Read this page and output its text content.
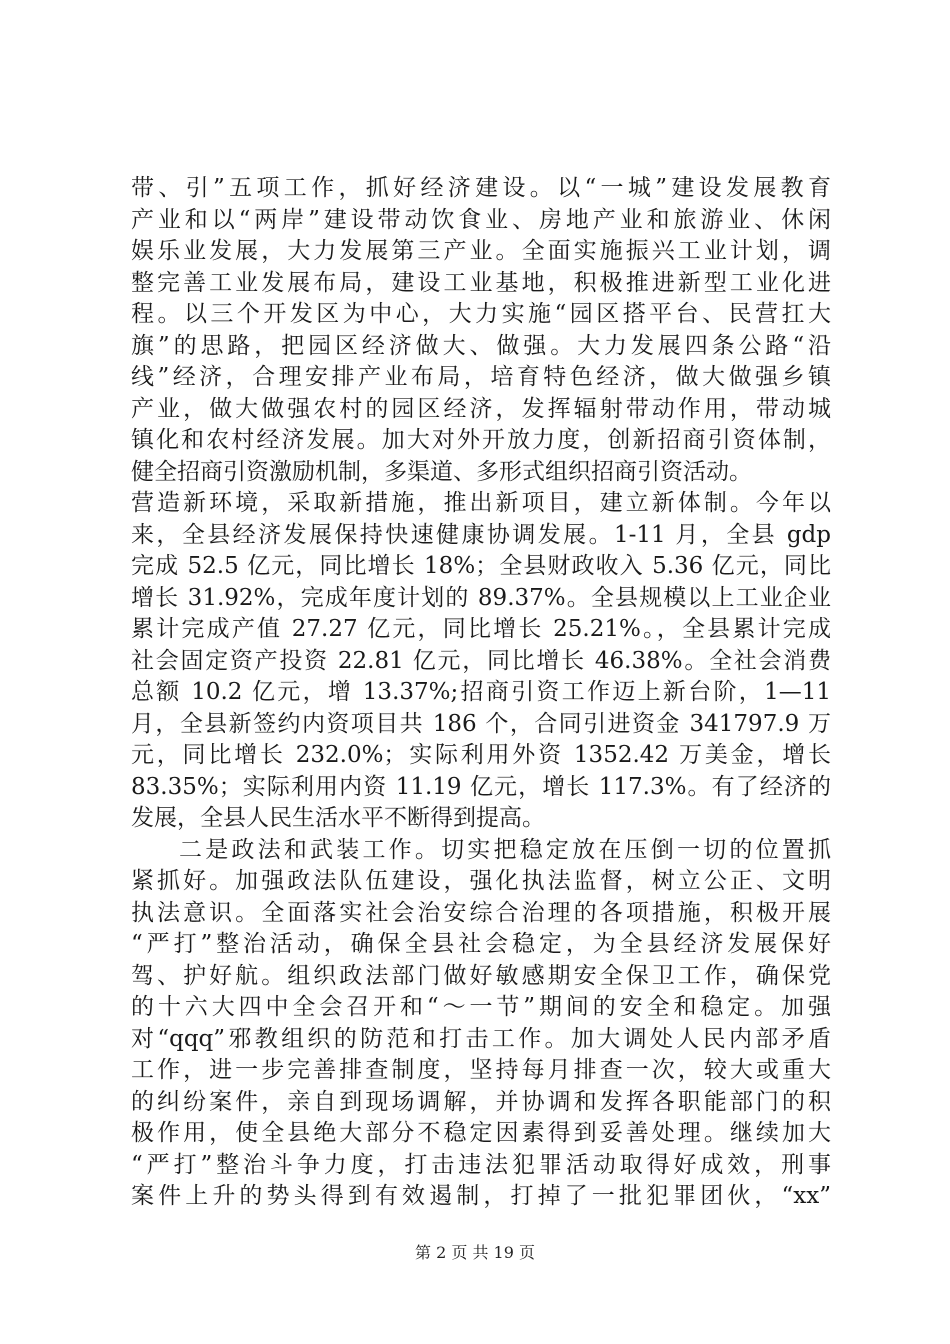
带、引”五项工作，抓好经济建设。以“一城”建设发展教育
产业和以“两岸”建设带动饮食业、房地产业和旅游业、休闲
娱乐业发展，大力发展第三产业。全面实施振兴工业计划，调
整完善工业发展布局，建设工业基地，积极推进新型工业化进
程。以三个开发区为中心，大力实施“园区搭平台、民营扛大
旗”的思路，把园区经济做大、做强。大力发展四条公路“沿
线”经济，合理安排产业布局，培育特色经济，做大做强乡镇
产业，做大做强农村的园区经济，发挥辐射带动作用，带动城
镇化和农村经济发展。加大对外开放力度，创新招商引资体制，
健全招商引资激励机制，多渠道、多形式组织招商引资活动。
营造新环境，采取新措施，推出新项目，建立新体制。今年以
来，全县经济发展保持快速健康协调发展。1-11 月，全县 gdp
完成 52.5 亿元，同比增长 18%；全县财政收入 5.36 亿元，同比
增长 31.92%，完成年度计划的 89.37%。全县规模以上工业企业
累计完成产值 27.27 亿元，同比增长 25.21%。，全县累计完成
社会固定资产投资 22.81 亿元，同比增长 46.38%。全社会消费
总额 10.2 亿元，增 13.37%;招商引资工作迈上新台阶，1—11
月，全县新签约内资项目共 186 个，合同引进资金 341797.9 万
元，同比增长 232.0%；实际利用外资 1352.42 万美金，增长
83.35%；实际利用内资 11.19 亿元，增长 117.3%。有了经济的
发展，全县人民生活水平不断得到提高。
二是政法和武装工作。切实把稳定放在压倒一切的位置抓
紧抓好。加强政法队伍建设，强化执法监督，树立公正、文明
执法意识。全面落实社会治安综合治理的各项措施，积极开展
“严打”整治活动，确保全县社会稳定，为全县经济发展保好
驾、护好航。组织政法部门做好敏感期安全保卫工作，确保党
的十六大四中全会召开和“～一节”期间的安全和稳定。加强
对“qqq”邪教组织的防范和打击工作。加大调处人民内部矛盾
工作，进一步完善排查制度，坚持每月排查一次，较大或重大
的纠纷案件，亲自到现场调解，并协调和发挥各职能部门的积
极作用，使全县绝大部分不稳定因素得到妥善处理。继续加大
“严打”整治斗争力度，打击违法犯罪活动取得好成效，刑事
案件上升的势头得到有效遏制，打掉了一批犯罪团伙，“xx”
第 2 页 共 19 页
